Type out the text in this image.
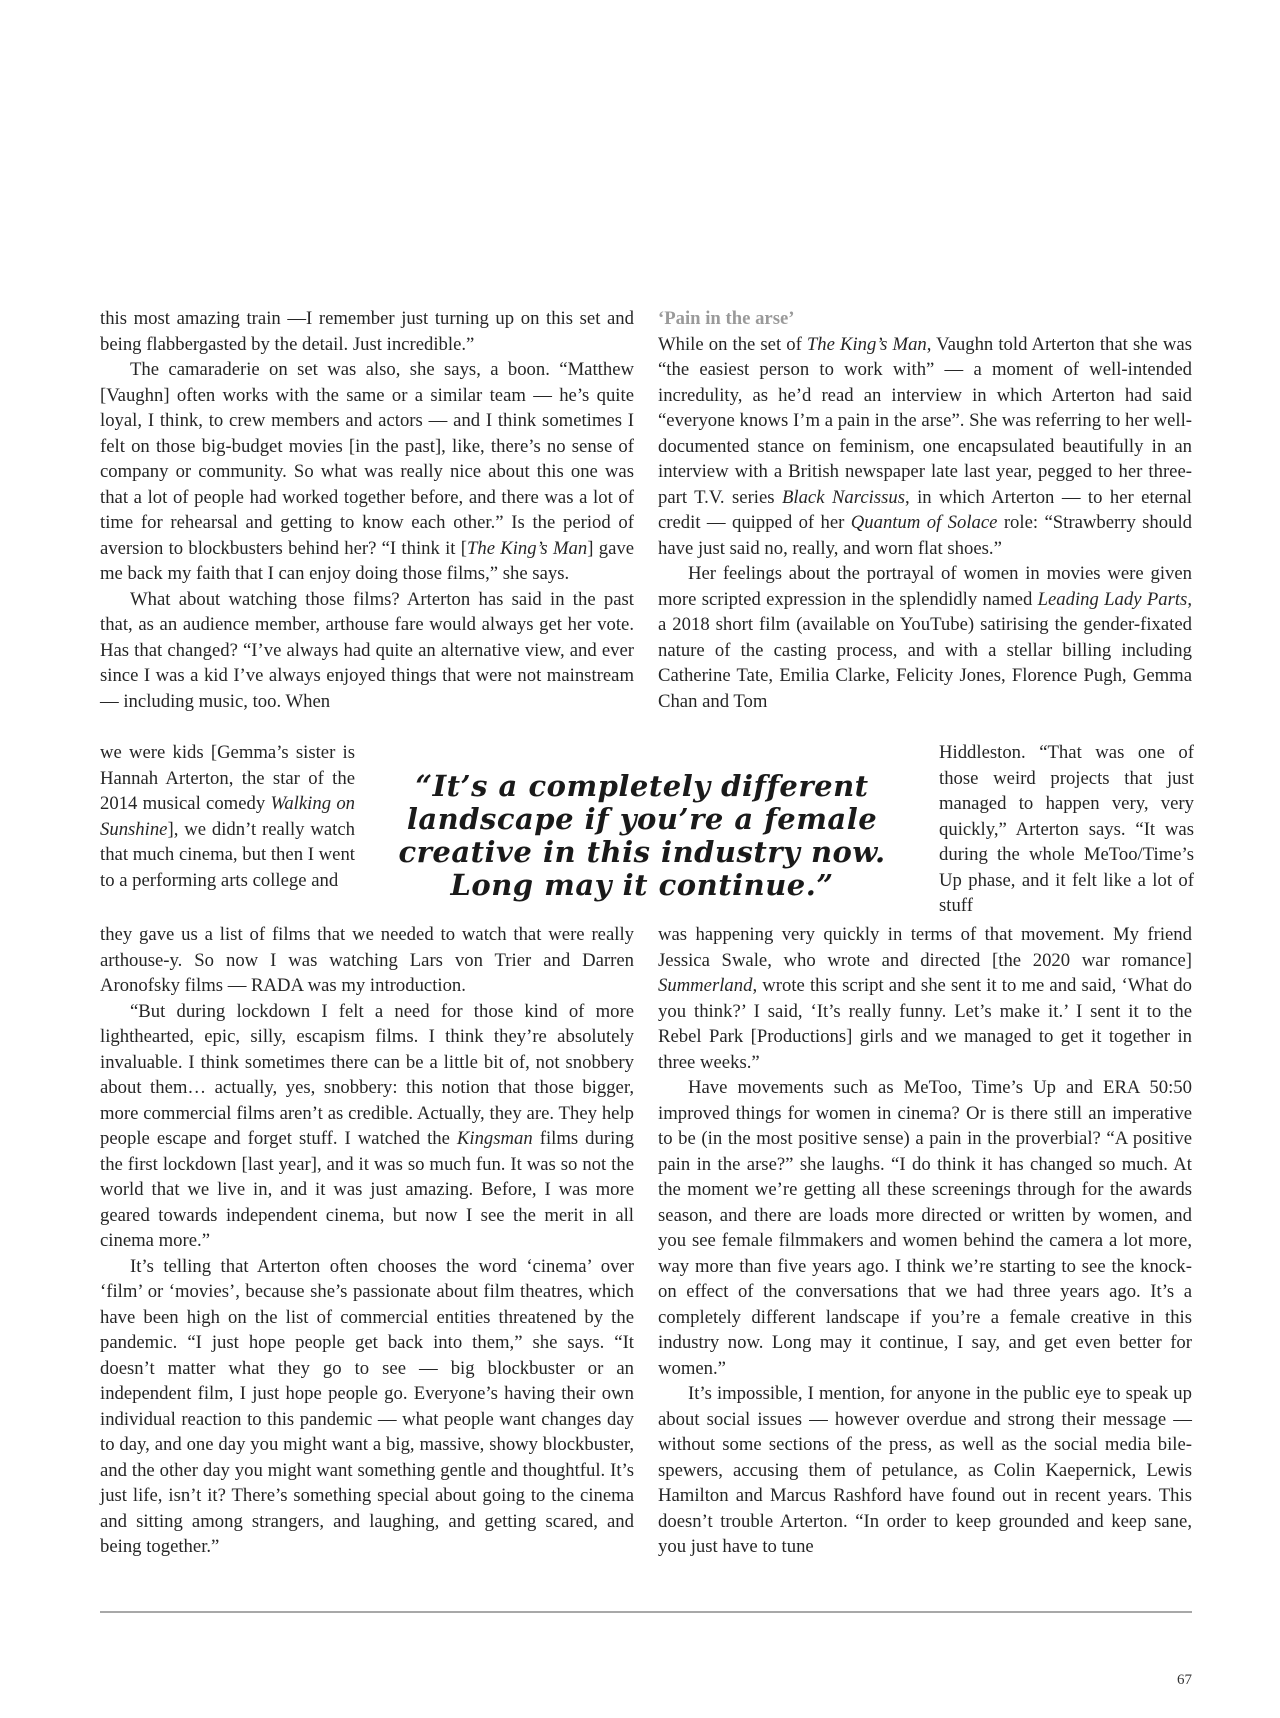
this most amazing train —I remember just turning up on this set and being flabbergasted by the detail. Just incredible.”

The camaraderie on set was also, she says, a boon. “Matthew [Vaughn] often works with the same or a similar team — he’s quite loyal, I think, to crew members and actors — and I think sometimes I felt on those big-budget movies [in the past], like, there’s no sense of company or community. So what was really nice about this one was that a lot of people had worked together before, and there was a lot of time for rehearsal and getting to know each other.” Is the period of aversion to blockbusters behind her? “I think it [The King’s Man] gave me back my faith that I can enjoy doing those films,” she says.

What about watching those films? Arterton has said in the past that, as an audience member, arthouse fare would always get her vote. Has that changed? “I’ve always had quite an alternative view, and ever since I was a kid I’ve always enjoyed things that were not mainstream — including music, too. When

we were kids [Gemma’s sister is Hannah Arterton, the star of the 2014 musical comedy Walking on Sunshine], we didn’t really watch that much cinema, but then I went to a performing arts college and

they gave us a list of films that we needed to watch that were really arthouse-y. So now I was watching Lars von Trier and Darren Aronofsky films — RADA was my introduction.

“But during lockdown I felt a need for those kind of more lighthearted, epic, silly, escapism films. I think they’re absolutely invaluable. I think sometimes there can be a little bit of, not snobbery about them… actually, yes, snobbery: this notion that those bigger, more commercial films aren’t as credible. Actually, they are. They help people escape and forget stuff. I watched the Kingsman films during the first lockdown [last year], and it was so much fun. It was so not the world that we live in, and it was just amazing. Before, I was more geared towards independent cinema, but now I see the merit in all cinema more.”

It’s telling that Arterton often chooses the word ‘cinema’ over ‘film’ or ‘movies’, because she’s passionate about film theatres, which have been high on the list of commercial entities threatened by the pandemic. “I just hope people get back into them,” she says. “It doesn’t matter what they go to see — big blockbuster or an independent film, I just hope people go. Everyone’s having their own individual reaction to this pandemic — what people want changes day to day, and one day you might want a big, massive, showy blockbuster, and the other day you might want something gentle and thoughtful. It’s just life, isn’t it? There’s something special about going to the cinema and sitting among strangers, and laughing, and getting scared, and being together.”

‘Pain in the arse’

While on the set of The King’s Man, Vaughn told Arterton that she was “the easiest person to work with” — a moment of well-intended incredulity, as he’d read an interview in which Arterton had said “everyone knows I’m a pain in the arse”. She was referring to her well-documented stance on feminism, one encapsulated beautifully in an interview with a British newspaper late last year, pegged to her three-part T.V. series Black Narcissus, in which Arterton — to her eternal credit — quipped of her Quantum of Solace role: “Strawberry should have just said no, really, and worn flat shoes.”

Her feelings about the portrayal of women in movies were given more scripted expression in the splendidly named Leading Lady Parts, a 2018 short film (available on YouTube) satirising the gender-fixated nature of the casting process, and with a stellar billing including Catherine Tate, Emilia Clarke, Felicity Jones, Florence Pugh, Gemma Chan and Tom

Hiddleston. “That was one of those weird projects that just managed to happen very, very quickly,” Arterton says. “It was during the whole MeToo/Time’s Up phase, and it felt like a lot of stuff

was happening very quickly in terms of that movement. My friend Jessica Swale, who wrote and directed [the 2020 war romance] Summerland, wrote this script and she sent it to me and said, ‘What do you think?’ I said, ‘It’s really funny. Let’s make it.’ I sent it to the Rebel Park [Productions] girls and we managed to get it together in three weeks.”

Have movements such as MeToo, Time’s Up and ERA 50:50 improved things for women in cinema? Or is there still an imperative to be (in the most positive sense) a pain in the proverbial? “A positive pain in the arse?” she laughs. “I do think it has changed so much. At the moment we’re getting all these screenings through for the awards season, and there are loads more directed or written by women, and you see female filmmakers and women behind the camera a lot more, way more than five years ago. I think we’re starting to see the knock-on effect of the conversations that we had three years ago. It’s a completely different landscape if you’re a female creative in this industry now. Long may it continue, I say, and get even better for women.”

It’s impossible, I mention, for anyone in the public eye to speak up about social issues — however overdue and strong their message — without some sections of the press, as well as the social media bile-spewers, accusing them of petulance, as Colin Kaepernick, Lewis Hamilton and Marcus Rashford have found out in recent years. This doesn’t trouble Arterton. “In order to keep grounded and keep sane, you just have to tune

“It’s a completely different
landscape if you’re a female
creative in this industry now.
Long may it continue.”
67
